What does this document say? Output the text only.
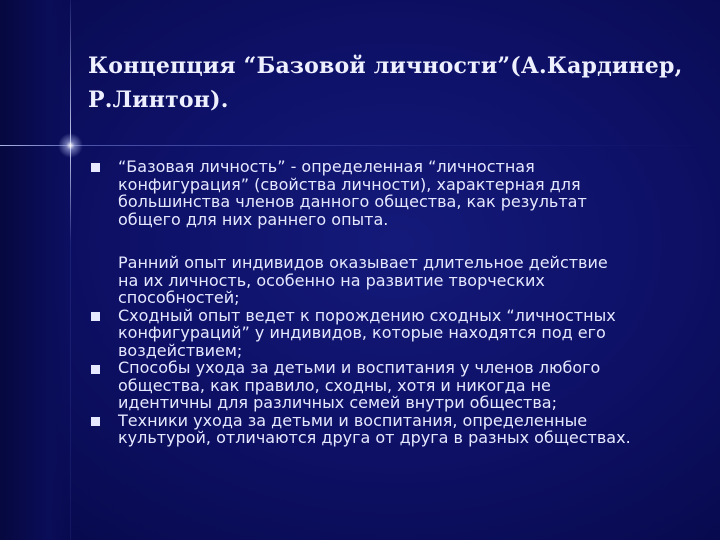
Концепция “Базовой личности”(А.Кардинер,
Р.Линтон).
“Базовая личность” - определенная “личностная
конфигурация” (свойства личности), характерная для
большинства членов данного общества, как результат
общего для них раннего опыта.
Ранний опыт индивидов оказывает длительное действие
на их личность, особенно на развитие творческих
способностей;
Сходный опыт ведет к порождению сходных “личностных
конфигураций” у индивидов, которые находятся под его
воздействием;
Способы ухода за детьми и воспитания у членов любого
общества, как правило, сходны, хотя и никогда не
идентичны для различных семей внутри общества;
Техники ухода за детьми и воспитания, определенные
культурой, отличаются друга от друга в разных обществах.
